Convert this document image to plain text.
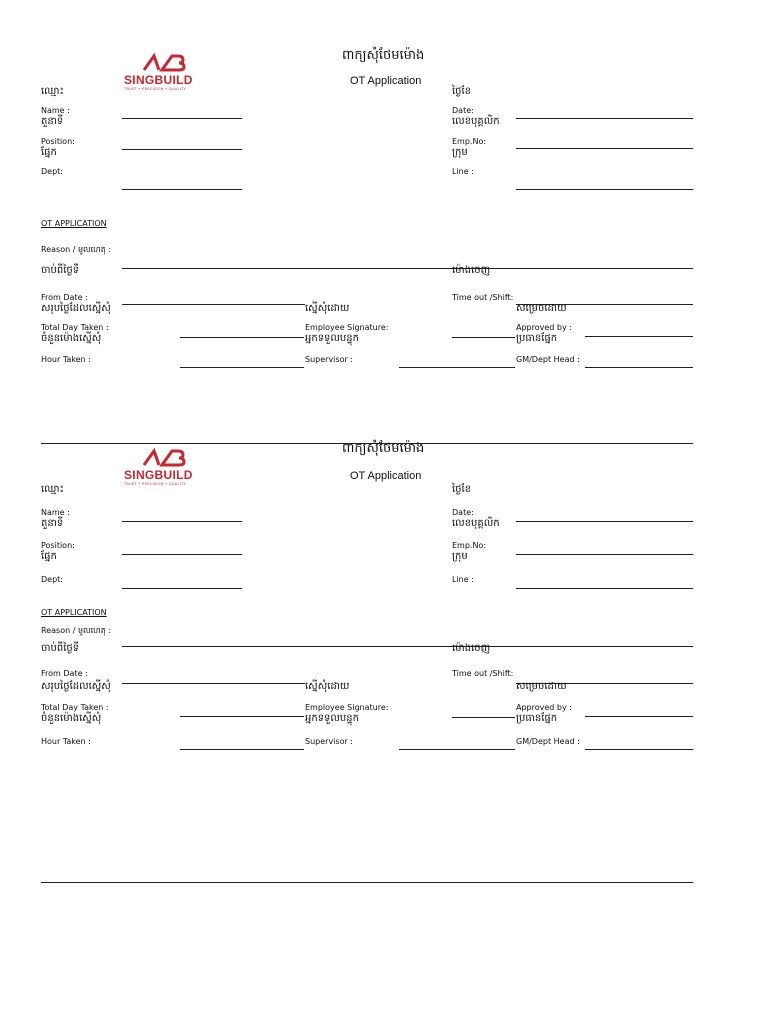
SINGBUILD
TRUST • PRECISION • QUALITY
ពាក្យសុំថែមម៉ោង
OT Application
ឈ្មោះ
Name :
តួនាទី
Position:
ផ្នែក
Dept:
ថ្ងៃខែ
Date:
លេខបុគ្គលិក
Emp.No:
ក្រុម
Line :
OT APPLICATION
Reason / មូលហេតុ :
ចាប់ពីថ្ងៃទី	ម៉ោងចេញ
From Date :	Time out /Shift:
សរុបថ្ងៃដែលស្នើសុំ	ស្នើសុំដោយ	សម្រេចដោយ
Total Day Taken :	Employee Signature:	Approved by :
ចំនួនម៉ោងស្នើសុំ	អ្នកទទួលបន្ទុក	ប្រធានផ្នែក
Hour Taken :	Supervisor :	GM/Dept Head :
SINGBUILD
TRUST • PRECISION • QUALITY
ពាក្យសុំថែមម៉ោង
OT Application
ឈ្មោះ
Name :
តួនាទី
Position:
ផ្នែក
Dept:
ថ្ងៃខែ
Date:
លេខបុគ្គលិក
Emp.No:
ក្រុម
Line :
OT APPLICATION
Reason / មូលហេតុ :
ចាប់ពីថ្ងៃទី	ម៉ោងចេញ
From Date :	Time out /Shift:
សរុបថ្ងៃដែលស្នើសុំ	ស្នើសុំដោយ	សម្រេចដោយ
Total Day Taken :	Employee Signature:	Approved by :
ចំនួនម៉ោងស្នើសុំ	អ្នកទទួលបន្ទុក	ប្រធានផ្នែក
Hour Taken :	Supervisor :	GM/Dept Head :
